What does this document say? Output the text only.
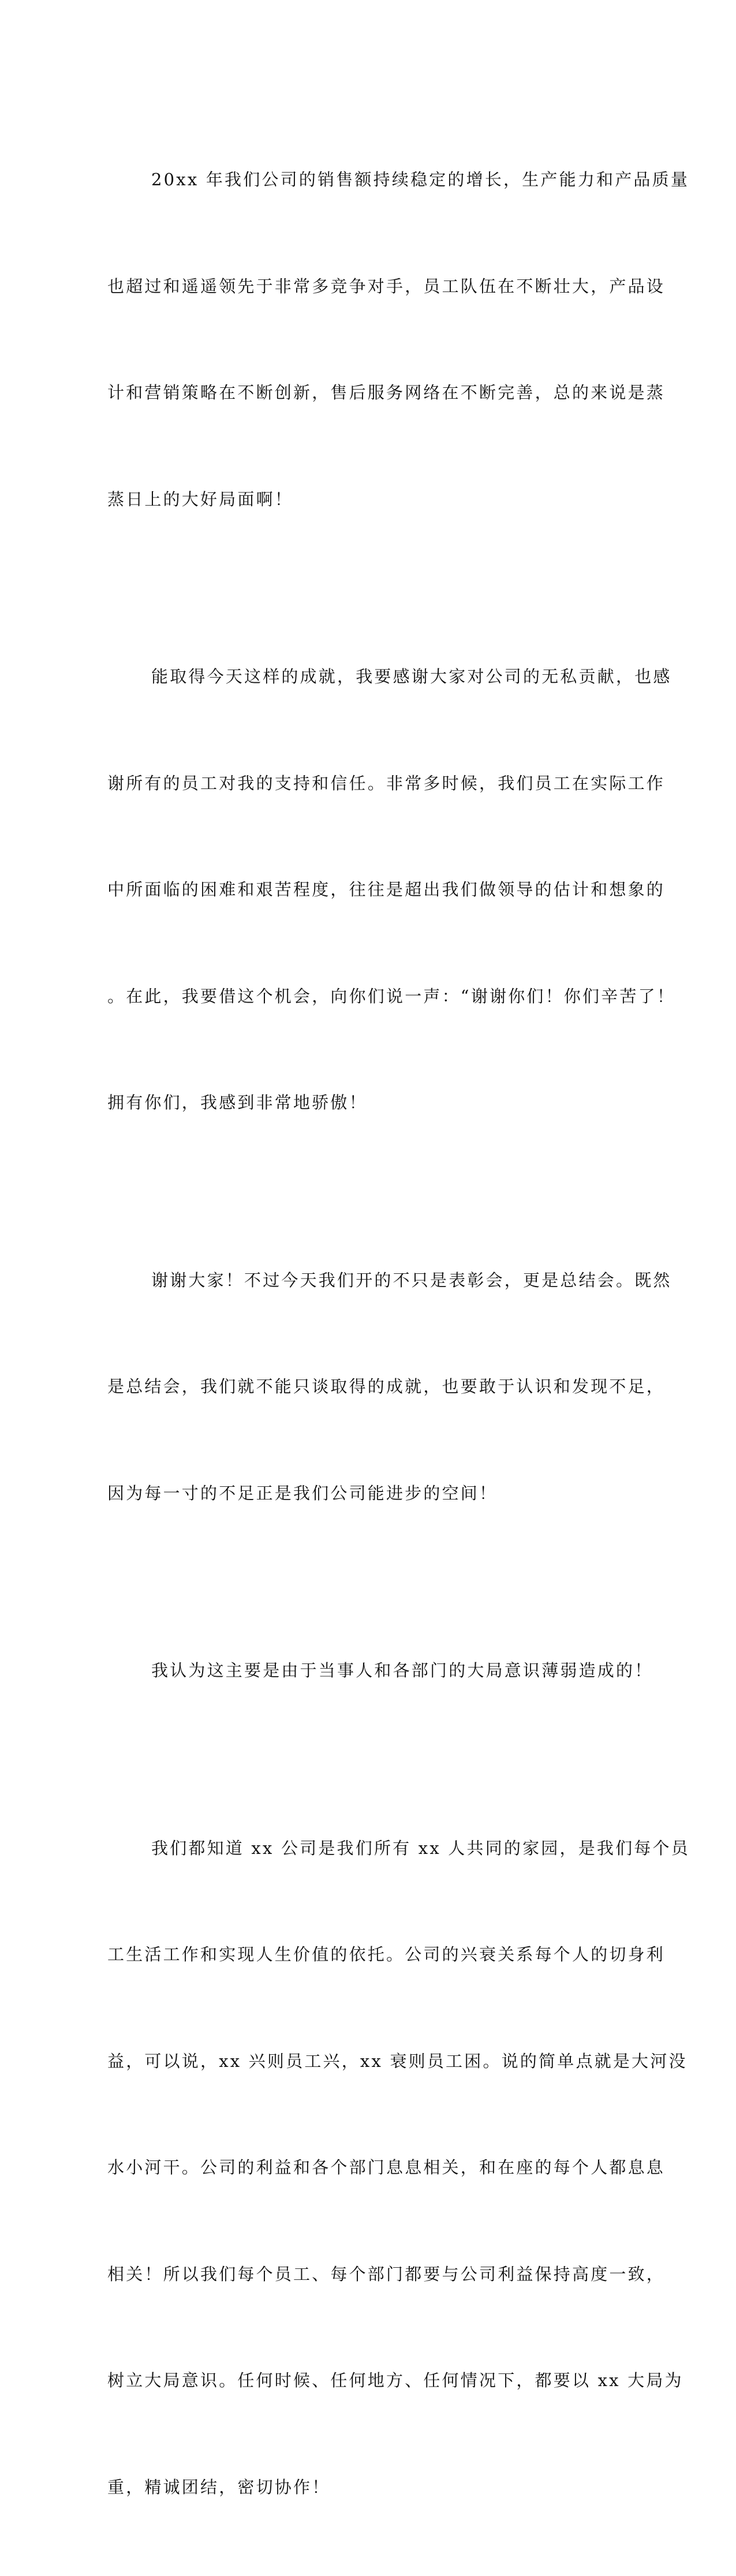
20xx 年我们公司的销售额持续稳定的增长，生产能力和产品质量

也超过和遥遥领先于非常多竞争对手，员工队伍在不断壮大，产品设

计和营销策略在不断创新，售后服务网络在不断完善，总的来说是蒸

蒸日上的大好局面啊！

能取得今天这样的成就，我要感谢大家对公司的无私贡献，也感

谢所有的员工对我的支持和信任。非常多时候，我们员工在实际工作

中所面临的困难和艰苦程度，往往是超出我们做领导的估计和想象的

。在此，我要借这个机会，向你们说一声：“谢谢你们！你们辛苦了！

拥有你们，我感到非常地骄傲！

谢谢大家！不过今天我们开的不只是表彰会，更是总结会。既然

是总结会，我们就不能只谈取得的成就，也要敢于认识和发现不足，

因为每一寸的不足正是我们公司能进步的空间！

我认为这主要是由于当事人和各部门的大局意识薄弱造成的！

我们都知道 xx 公司是我们所有 xx 人共同的家园，是我们每个员

工生活工作和实现人生价值的依托。公司的兴衰关系每个人的切身利

益，可以说，xx 兴则员工兴，xx 衰则员工困。说的简单点就是大河没

水小河干。公司的利益和各个部门息息相关，和在座的每个人都息息

相关！所以我们每个员工、每个部门都要与公司利益保持高度一致，

树立大局意识。任何时候、任何地方、任何情况下，都要以 xx 大局为

重，精诚团结，密切协作！
